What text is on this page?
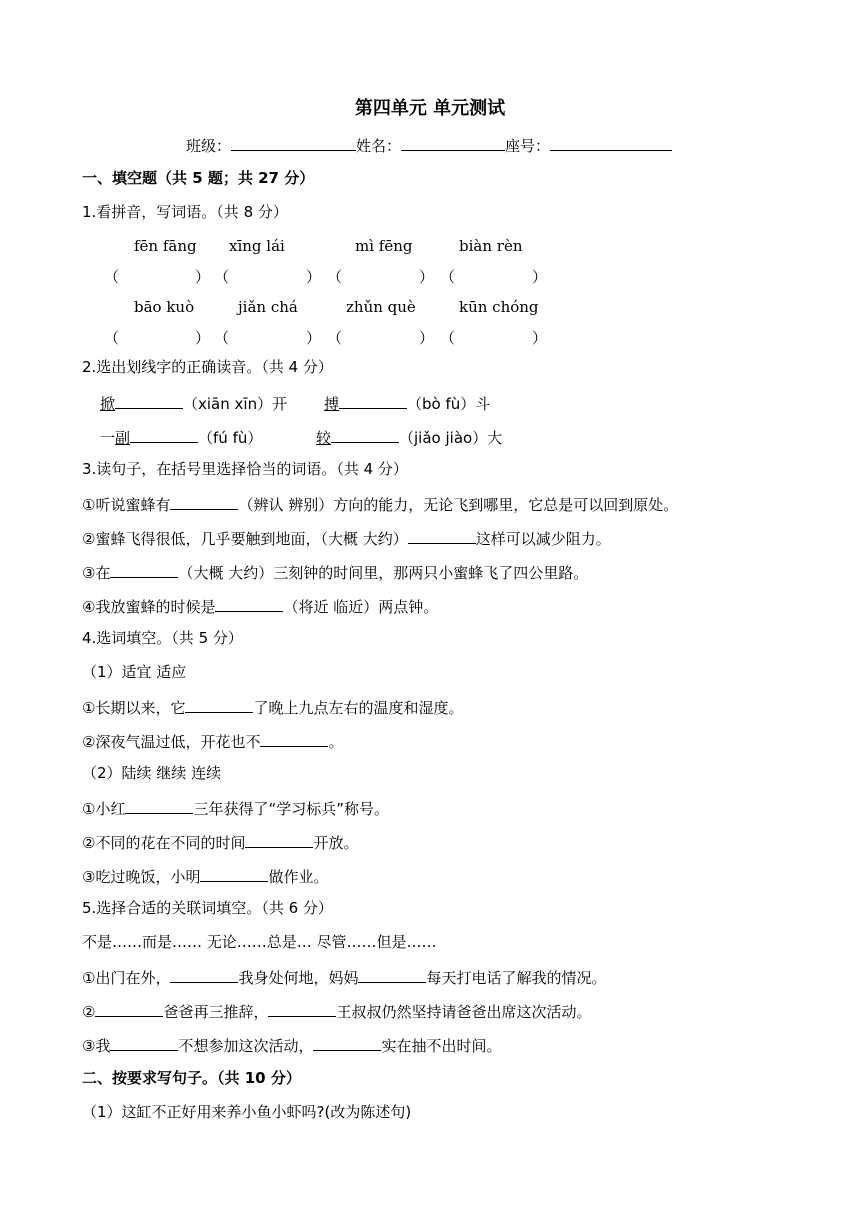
第四单元 单元测试
班级：	姓名：	座号：
一、填空题（共 5 题；共 27 分）
1.看拼音，写词语。（共 8 分）
fēn fāng xīng lái	mì fēng	biàn rèn
（	） （	） （	） （	）
bāo kuò	jiǎn chá	zhǔn què	kūn chóng
（	） （	） （	） （	）
2.选出划线字的正确读音。（共 4 分）
掀	（xiān xīn）开 搏	（bò fù）斗
一副	（fú fù）	较	（jiǎo jiào）大
3.读句子，在括号里选择恰当的词语。（共 4 分）
①听说蜜蜂有	（辨认 辨别）方向的能力，无论飞到哪里，它总是可以回到原处。
②蜜蜂飞得很低，几乎要触到地面，（大概 大约）	这样可以减少阻力。
③在	（大概 大约）三刻钟的时间里，那两只小蜜蜂飞了四公里路。
④我放蜜蜂的时候是	（将近 临近）两点钟。
4.选词填空。（共 5 分）
（1）适宜 适应
①长期以来，它	了晚上九点左右的温度和湿度。
②深夜气温过低，开花也不	。
（2）陆续 继续 连续
①小红	三年获得了“学习标兵”称号。
②不同的花在不同的时间	开放。
③吃过晚饭，小明	做作业。
5.选择合适的关联词填空。（共 6 分）
不是……而是…… 无论……总是… 尽管……但是……
①出门在外，	我身处何地，妈妈	每天打电话了解我的情况。
②	爸爸再三推辞，	王叔叔仍然坚持请爸爸出席这次活动。
③我	不想参加这次活动，	实在抽不出时间。
二、按要求写句子。（共 10 分）
（1）这缸不正好用来养小鱼小虾吗?(改为陈述句)
